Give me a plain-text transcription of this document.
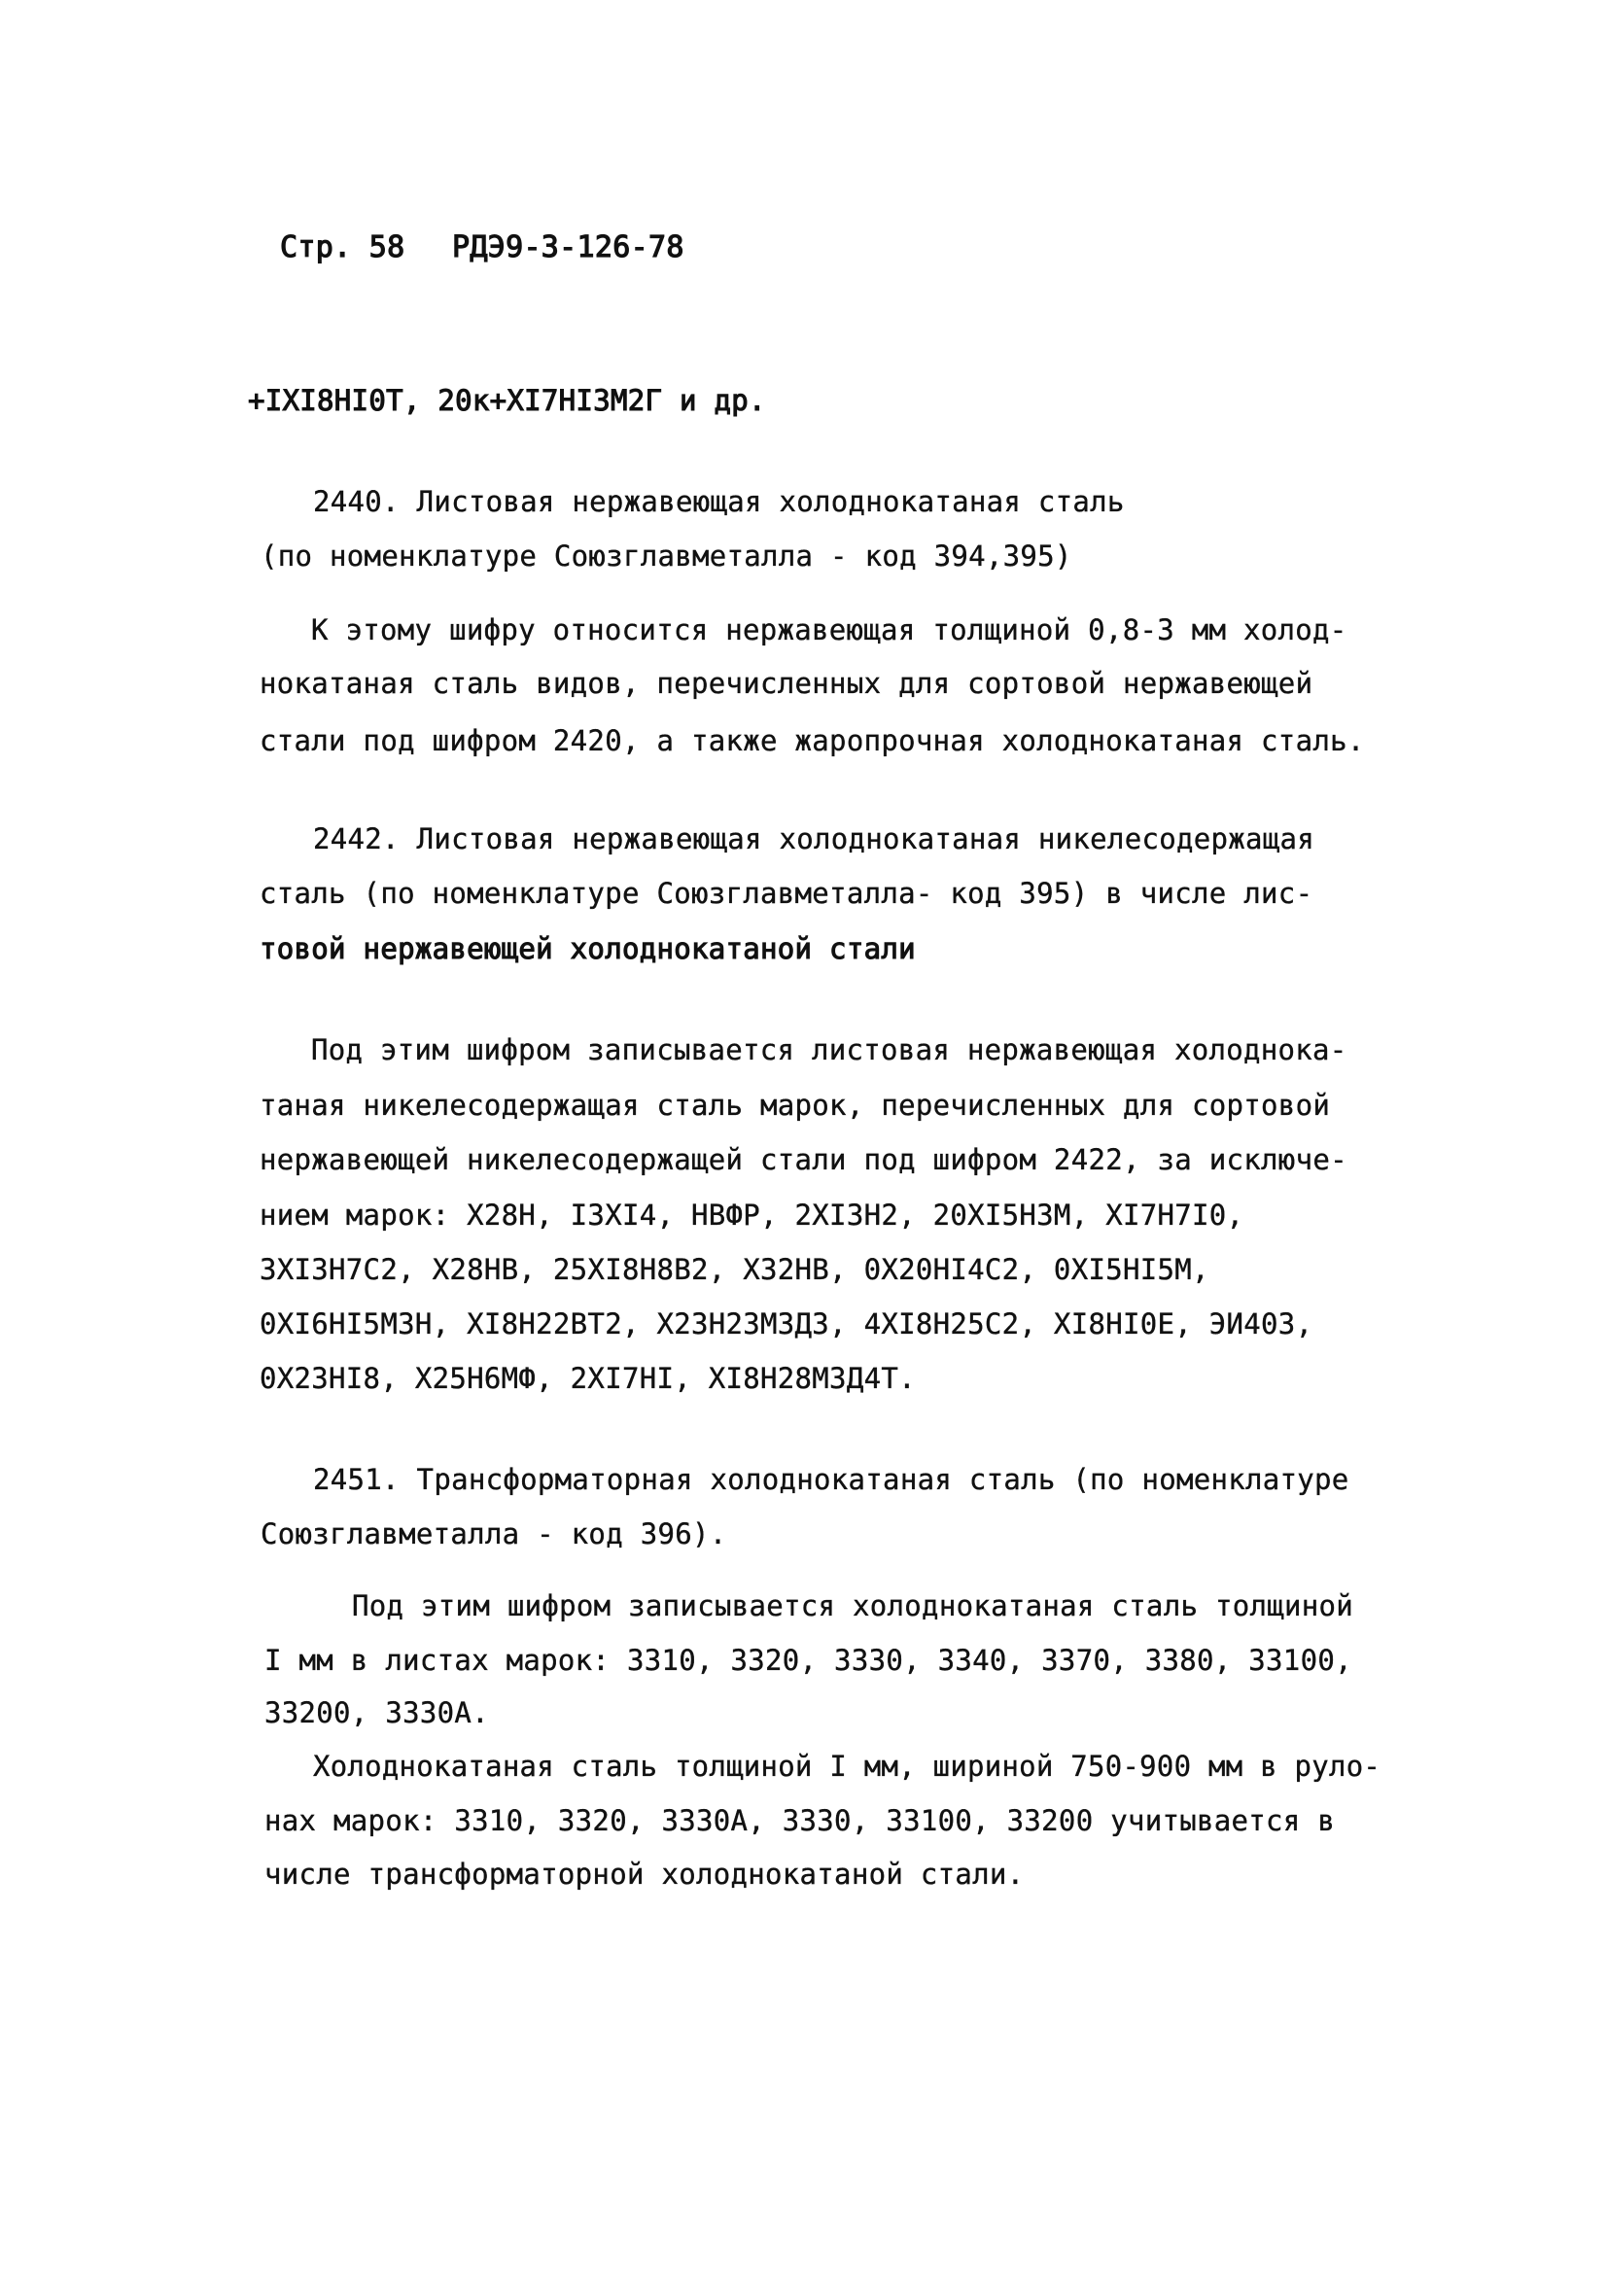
Стр. 58 РДЭ9-3-126-78
+IXI8HI0T, 20к+XI7HI3M2Г и др.
2440. Листовая нержавеющая холоднокатаная сталь
(по номенклатуре Союзглавметалла - код 394,395)
К этому шифру относится нержавеющая толщиной 0,8-3 мм холод-
нокатаная сталь видов, перечисленных для сортовой нержавеющей
стали под шифром 2420, а также жаропрочная холоднокатаная сталь.
2442. Листовая нержавеющая холоднокатаная никелесодержащая
сталь (по номенклатуре Союзглавметалла- код 395) в числе лис-
товой нержавеющей холоднокатаной стали
Под этим шифром записывается листовая нержавеющая холоднока-
таная никелесодержащая сталь марок, перечисленных для сортовой
нержавеющей никелесодержащей стали под шифром 2422, за исключе-
нием марок: X28H, I3XI4, НВФР, 2XI3H2, 20XI5H3M, XI7H7I0,
3XI3H7C2, X28HB, 25XI8H8B2, X32HB, 0X20HI4C2, 0XI5HI5M,
0XI6HI5M3H, XI8H22BT2, X23H23M3Д3, 4XI8H25C2, XI8HI0E, ЭИ403,
0X23HI8, X25H6MФ, 2XI7HI, XI8H28M3Д4T.
2451. Трансформаторная холоднокатаная сталь (по номенклатуре
Союзглавметалла - код 396).
Под этим шифром записывается холоднокатаная сталь толщиной
I мм в листах марок: 3310, 3320, 3330, 3340, 3370, 3380, 33100,
33200, 3330А.
Холоднокатаная сталь толщиной I мм, шириной 750-900 мм в руло-
нах марок: 3310, 3320, 3330А, 3330, 33100, 33200 учитывается в
числе трансформаторной холоднокатаной стали.
